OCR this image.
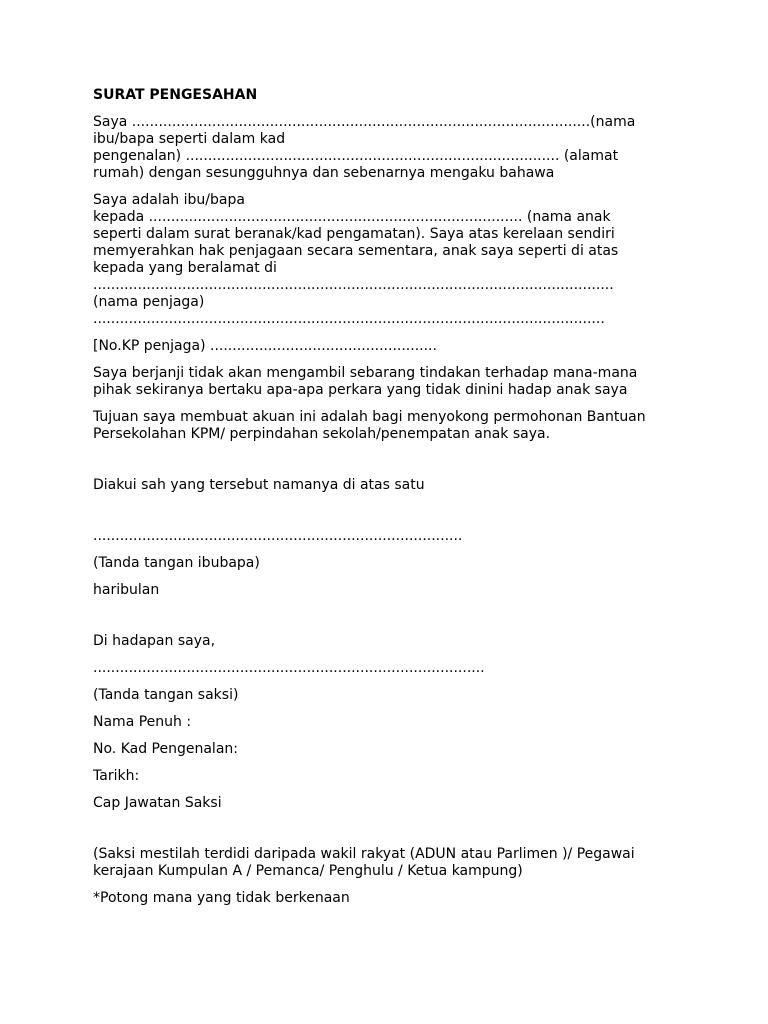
SURAT PENGESAHAN
Saya .......................................................................................................(nama
ibu/bapa seperti dalam kad
pengenalan) .................................................................................... (alamat
rumah) dengan sesungguhnya dan sebenarnya mengaku bahawa
Saya adalah ibu/bapa
kepada .................................................................................... (nama anak
seperti dalam surat beranak/kad pengamatan). Saya atas kerelaan sendiri
memyerahkan hak penjagaan secara sementara, anak saya seperti di atas
kepada yang beralamat di
.....................................................................................................................
(nama penjaga)
...................................................................................................................
[No.KP penjaga) ...................................................
Saya berjanji tidak akan mengambil sebarang tindakan terhadap mana-mana
pihak sekiranya bertaku apa-apa perkara yang tidak dinini hadap anak saya
Tujuan saya membuat akuan ini adalah bagi menyokong permohonan Bantuan
Persekolahan KPM/ perpindahan sekolah/penempatan anak saya.
Diakui sah yang tersebut namanya di atas satu
...................................................................................
(Tanda tangan ibubapa)
haribulan
Di hadapan saya,
........................................................................................
(Tanda tangan saksi)
Nama Penuh :
No. Kad Pengenalan:
Tarikh:
Cap Jawatan Saksi
(Saksi mestilah terdidi daripada wakil rakyat (ADUN atau Parlimen )/ Pegawai
kerajaan Kumpulan A / Pemanca/ Penghulu / Ketua kampung)
*Potong mana yang tidak berkenaan
